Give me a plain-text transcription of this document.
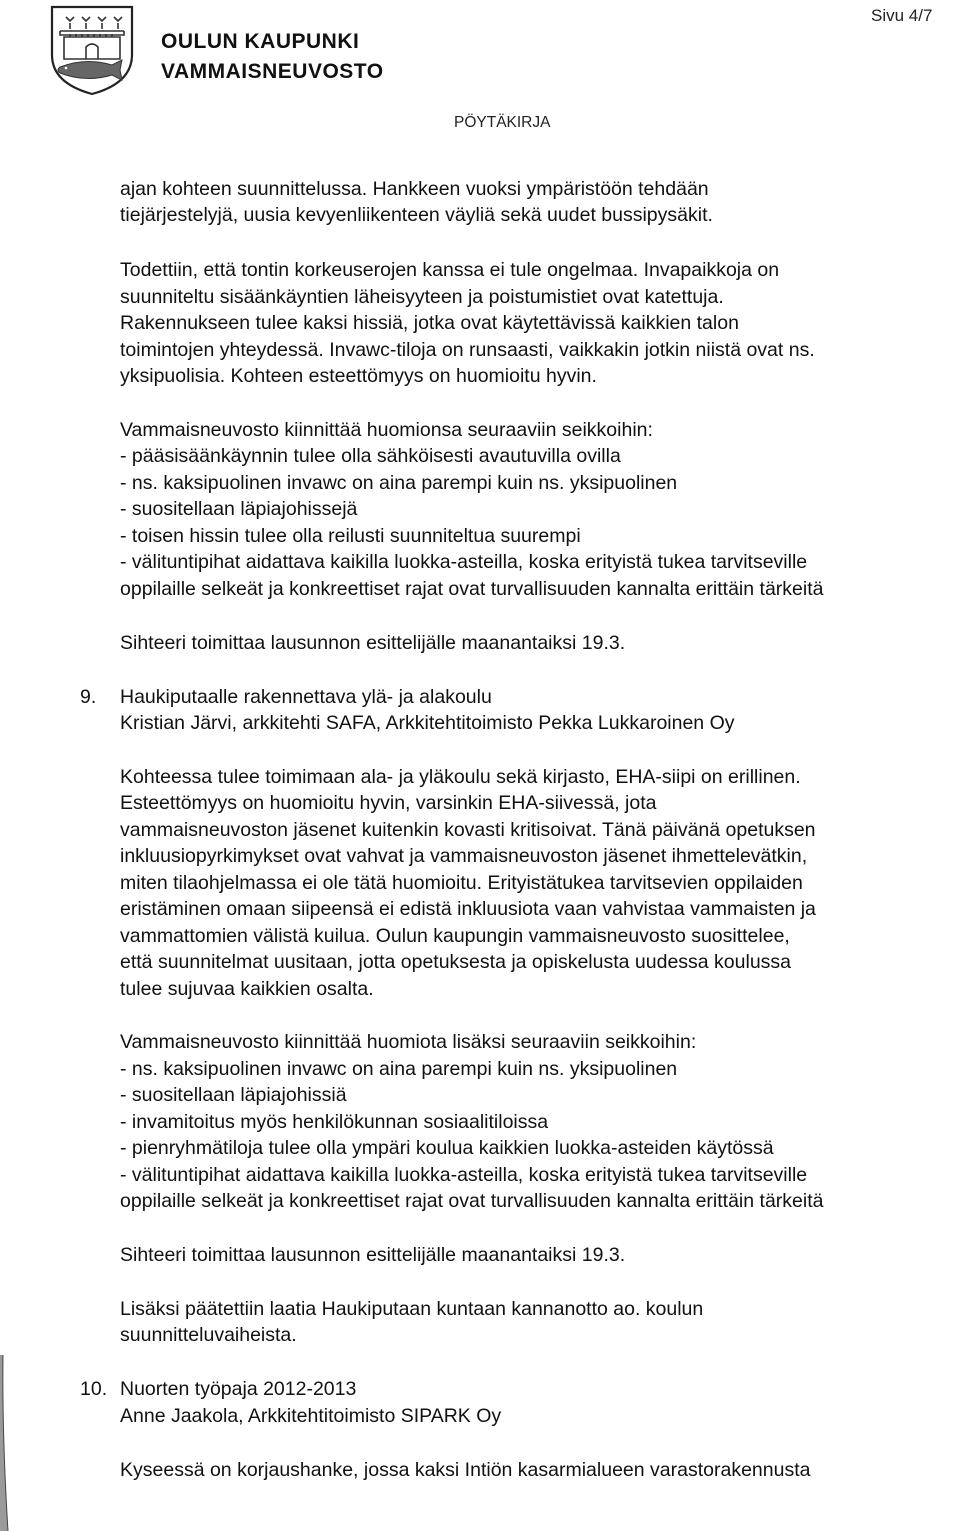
OULUN KAUPUNKI
VAMMAISNEUVOSTO
Sivu 4/7
PÖYTÄKIRJA
ajan kohteen suunnittelussa. Hankkeen vuoksi ympäristöön tehdään
tiejärjestelyjä, uusia kevyenliikenteen väyliä sekä uudet bussipysäkit.
Todettiin, että tontin korkeuserojen kanssa ei tule ongelmaa. Invapaikkoja on
suunniteltu sisäänkäyntien läheisyyteen ja poistumistiet ovat katettuja.
Rakennukseen tulee kaksi hissiä, jotka ovat käytettävissä kaikkien talon
toimintojen yhteydessä. Invawc-tiloja on runsaasti, vaikkakin jotkin niistä ovat ns.
yksipuolisia. Kohteen esteettömyys on huomioitu hyvin.
Vammaisneuvosto kiinnittää huomionsa seuraaviin seikkoihin:
- pääsisäänkäynnin tulee olla sähköisesti avautuvilla ovilla
- ns. kaksipuolinen invawc on aina parempi kuin ns. yksipuolinen
- suositellaan läpiajohissejä
- toisen hissin tulee olla reilusti suunniteltua suurempi
- välituntipihat aidattava kaikilla luokka-asteilla, koska erityistä tukea tarvitseville
oppilaille selkeät ja konkreettiset rajat ovat turvallisuuden kannalta erittäin tärkeitä
Sihteeri toimittaa lausunnon esittelijälle maanantaiksi 19.3.
9. Haukiputaalle rakennettava ylä- ja alakoulu
Kristian Järvi, arkkitehti SAFA, Arkkitehtitoimisto Pekka Lukkaroinen Oy
Kohteessa tulee toimimaan ala- ja yläkoulu sekä kirjasto, EHA-siipi on erillinen.
Esteettömyys on huomioitu hyvin, varsinkin EHA-siivessä, jota
vammaisneuvoston jäsenet kuitenkin kovasti kritisoivat. Tänä päivänä opetuksen
inkluusiopyrkimykset ovat vahvat ja vammaisneuvoston jäsenet ihmettelevätkin,
miten tilaohjelmassa ei ole tätä huomioitu. Erityistätukea tarvitsevien oppilaiden
eristäminen omaan siipeensä ei edistä inkluusiota vaan vahvistaa vammaisten ja
vammattomien välistä kuilua. Oulun kaupungin vammaisneuvosto suosittelee,
että suunnitelmat uusitaan, jotta opetuksesta ja opiskelusta uudessa koulussa
tulee sujuvaa kaikkien osalta.
Vammaisneuvosto kiinnittää huomiota lisäksi seuraaviin seikkoihin:
- ns. kaksipuolinen invawc on aina parempi kuin ns. yksipuolinen
- suositellaan läpiajohissiä
- invamitoitus myös henkilökunnan sosiaalitiloissa
- pienryhmätiloja tulee olla ympäri koulua kaikkien luokka-asteiden käytössä
- välituntipihat aidattava kaikilla luokka-asteilla, koska erityistä tukea tarvitseville
oppilaille selkeät ja konkreettiset rajat ovat turvallisuuden kannalta erittäin tärkeitä
Sihteeri toimittaa lausunnon esittelijälle maanantaiksi 19.3.
Lisäksi päätettiin laatia Haukiputaan kuntaan kannanotto ao. koulun
suunnitteluvaiheista.
10. Nuorten työpaja 2012-2013
Anne Jaakola, Arkkitehtitoimisto SIPARK Oy
Kyseessä on korjaushanke, jossa kaksi Intiön kasarmialueen varastorakennusta
